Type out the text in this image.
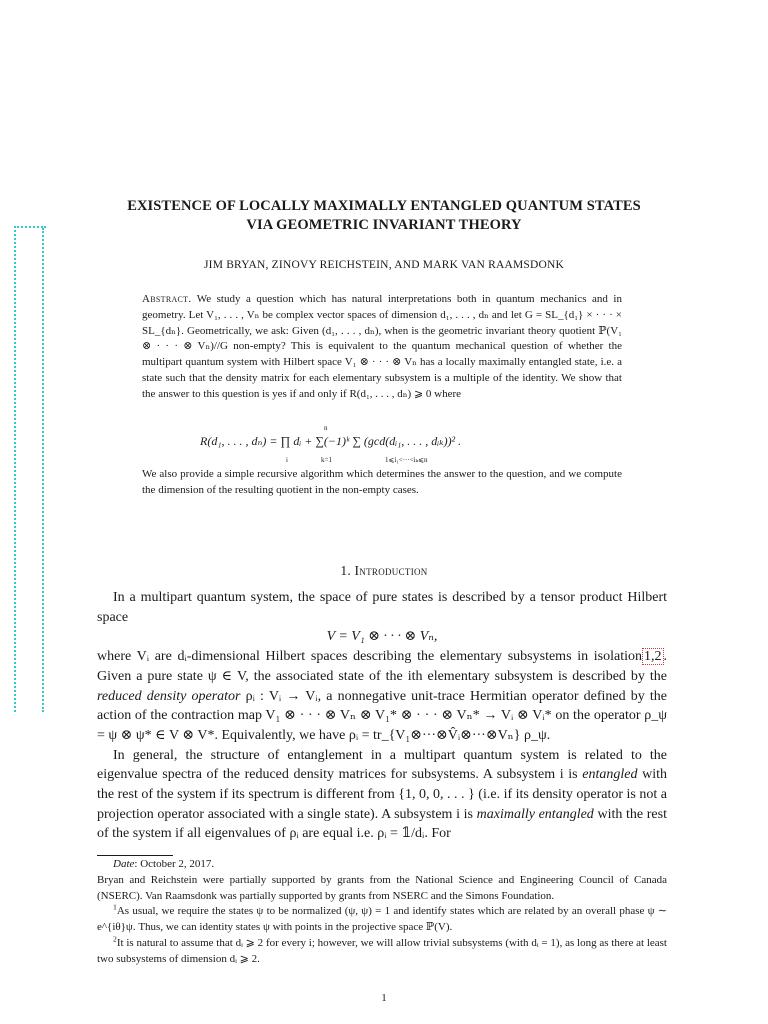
EXISTENCE OF LOCALLY MAXIMALLY ENTANGLED QUANTUM STATES
VIA GEOMETRIC INVARIANT THEORY
JIM BRYAN, ZINOVY REICHSTEIN, AND MARK VAN RAAMSDONK

Abstract. We study a question which has natural interpretations both in quantum mechanics and in geometry. Let V₁, . . . , Vₙ be complex vector spaces of dimension d₁, . . . , dₙ and let G = SL_{d₁} × · · · × SL_{dₙ}. Geometrically, we ask: Given (d₁, . . . , dₙ), when is the geometric invariant theory quotient ℙ(V₁ ⊗ · · · ⊗ Vₙ)//G non-empty? This is equivalent to the quantum mechanical question of whether the multipart quantum system with Hilbert space V₁ ⊗ · · · ⊗ Vₙ has a locally maximally entangled state, i.e. a state such that the density matrix for each elementary subsystem is a multiple of the identity. We show that the answer to this question is yes if and only if R(d₁, . . . , dₙ) ⩾ 0 where

R(d₁, . . . , dₙ) = ∏ dᵢ + ∑(−1)ᵏ ∑ (gcd(dᵢ₁, . . . , dᵢₖ))² .
i	k=1
n
1⩽i₁<···<iₖ⩽n
We also provide a simple recursive algorithm which determines the answer to the question, and we compute the dimension of the resulting quotient in the non-empty cases.
1. Introduction

In a multipart quantum system, the space of pure states is described by a tensor product Hilbert space

V = V₁ ⊗ · · · ⊗ Vₙ,

where Vᵢ are dᵢ-dimensional Hilbert spaces describing the elementary subsystems in isolation 1,2 . Given a pure state ψ ∈ V, the associated state of the ith elementary subsystem is described by the reduced density operator ρᵢ : Vᵢ → Vᵢ, a nonnegative unit-trace Hermitian operator defined by the action of the contraction map V₁ ⊗ · · · ⊗ Vₙ ⊗ V₁* ⊗ · · · ⊗ Vₙ* → Vᵢ ⊗ Vᵢ* on the operator ρ_ψ = ψ ⊗ ψ* ∈ V ⊗ V*. Equivalently, we have ρᵢ = tr_{V₁⊗···⊗V̂ᵢ⊗···⊗Vₙ} ρ_ψ.

In general, the structure of entanglement in a multipart quantum system is related to the eigenvalue spectra of the reduced density matrices for subsystems. A subsystem i is entangled with the rest of the system if its spectrum is different from {1, 0, 0, . . . } (i.e. if its density operator is not a projection operator associated with a single state). A subsystem i is maximally entangled with the rest of the system if all eigenvalues of ρᵢ are equal i.e. ρᵢ = 𝟙/dᵢ. For

Date: October 2, 2017.

Bryan and Reichstein were partially supported by grants from the National Science and Engineering Council of Canada (NSERC). Van Raamsdonk was partially supported by grants from NSERC and the Simons Foundation.

$^1$As usual, we require the states ψ to be normalized (ψ, ψ) = 1 and identify states which are related by an overall phase ψ ∼ e^{iθ}ψ. Thus, we can identity states ψ with points in the projective space ℙ(V).

$^2$It is natural to assume that dᵢ ⩾ 2 for every i; however, we will allow trivial subsystems (with dᵢ = 1), as long as there at least two subsystems of dimension dᵢ ⩾ 2.

1
